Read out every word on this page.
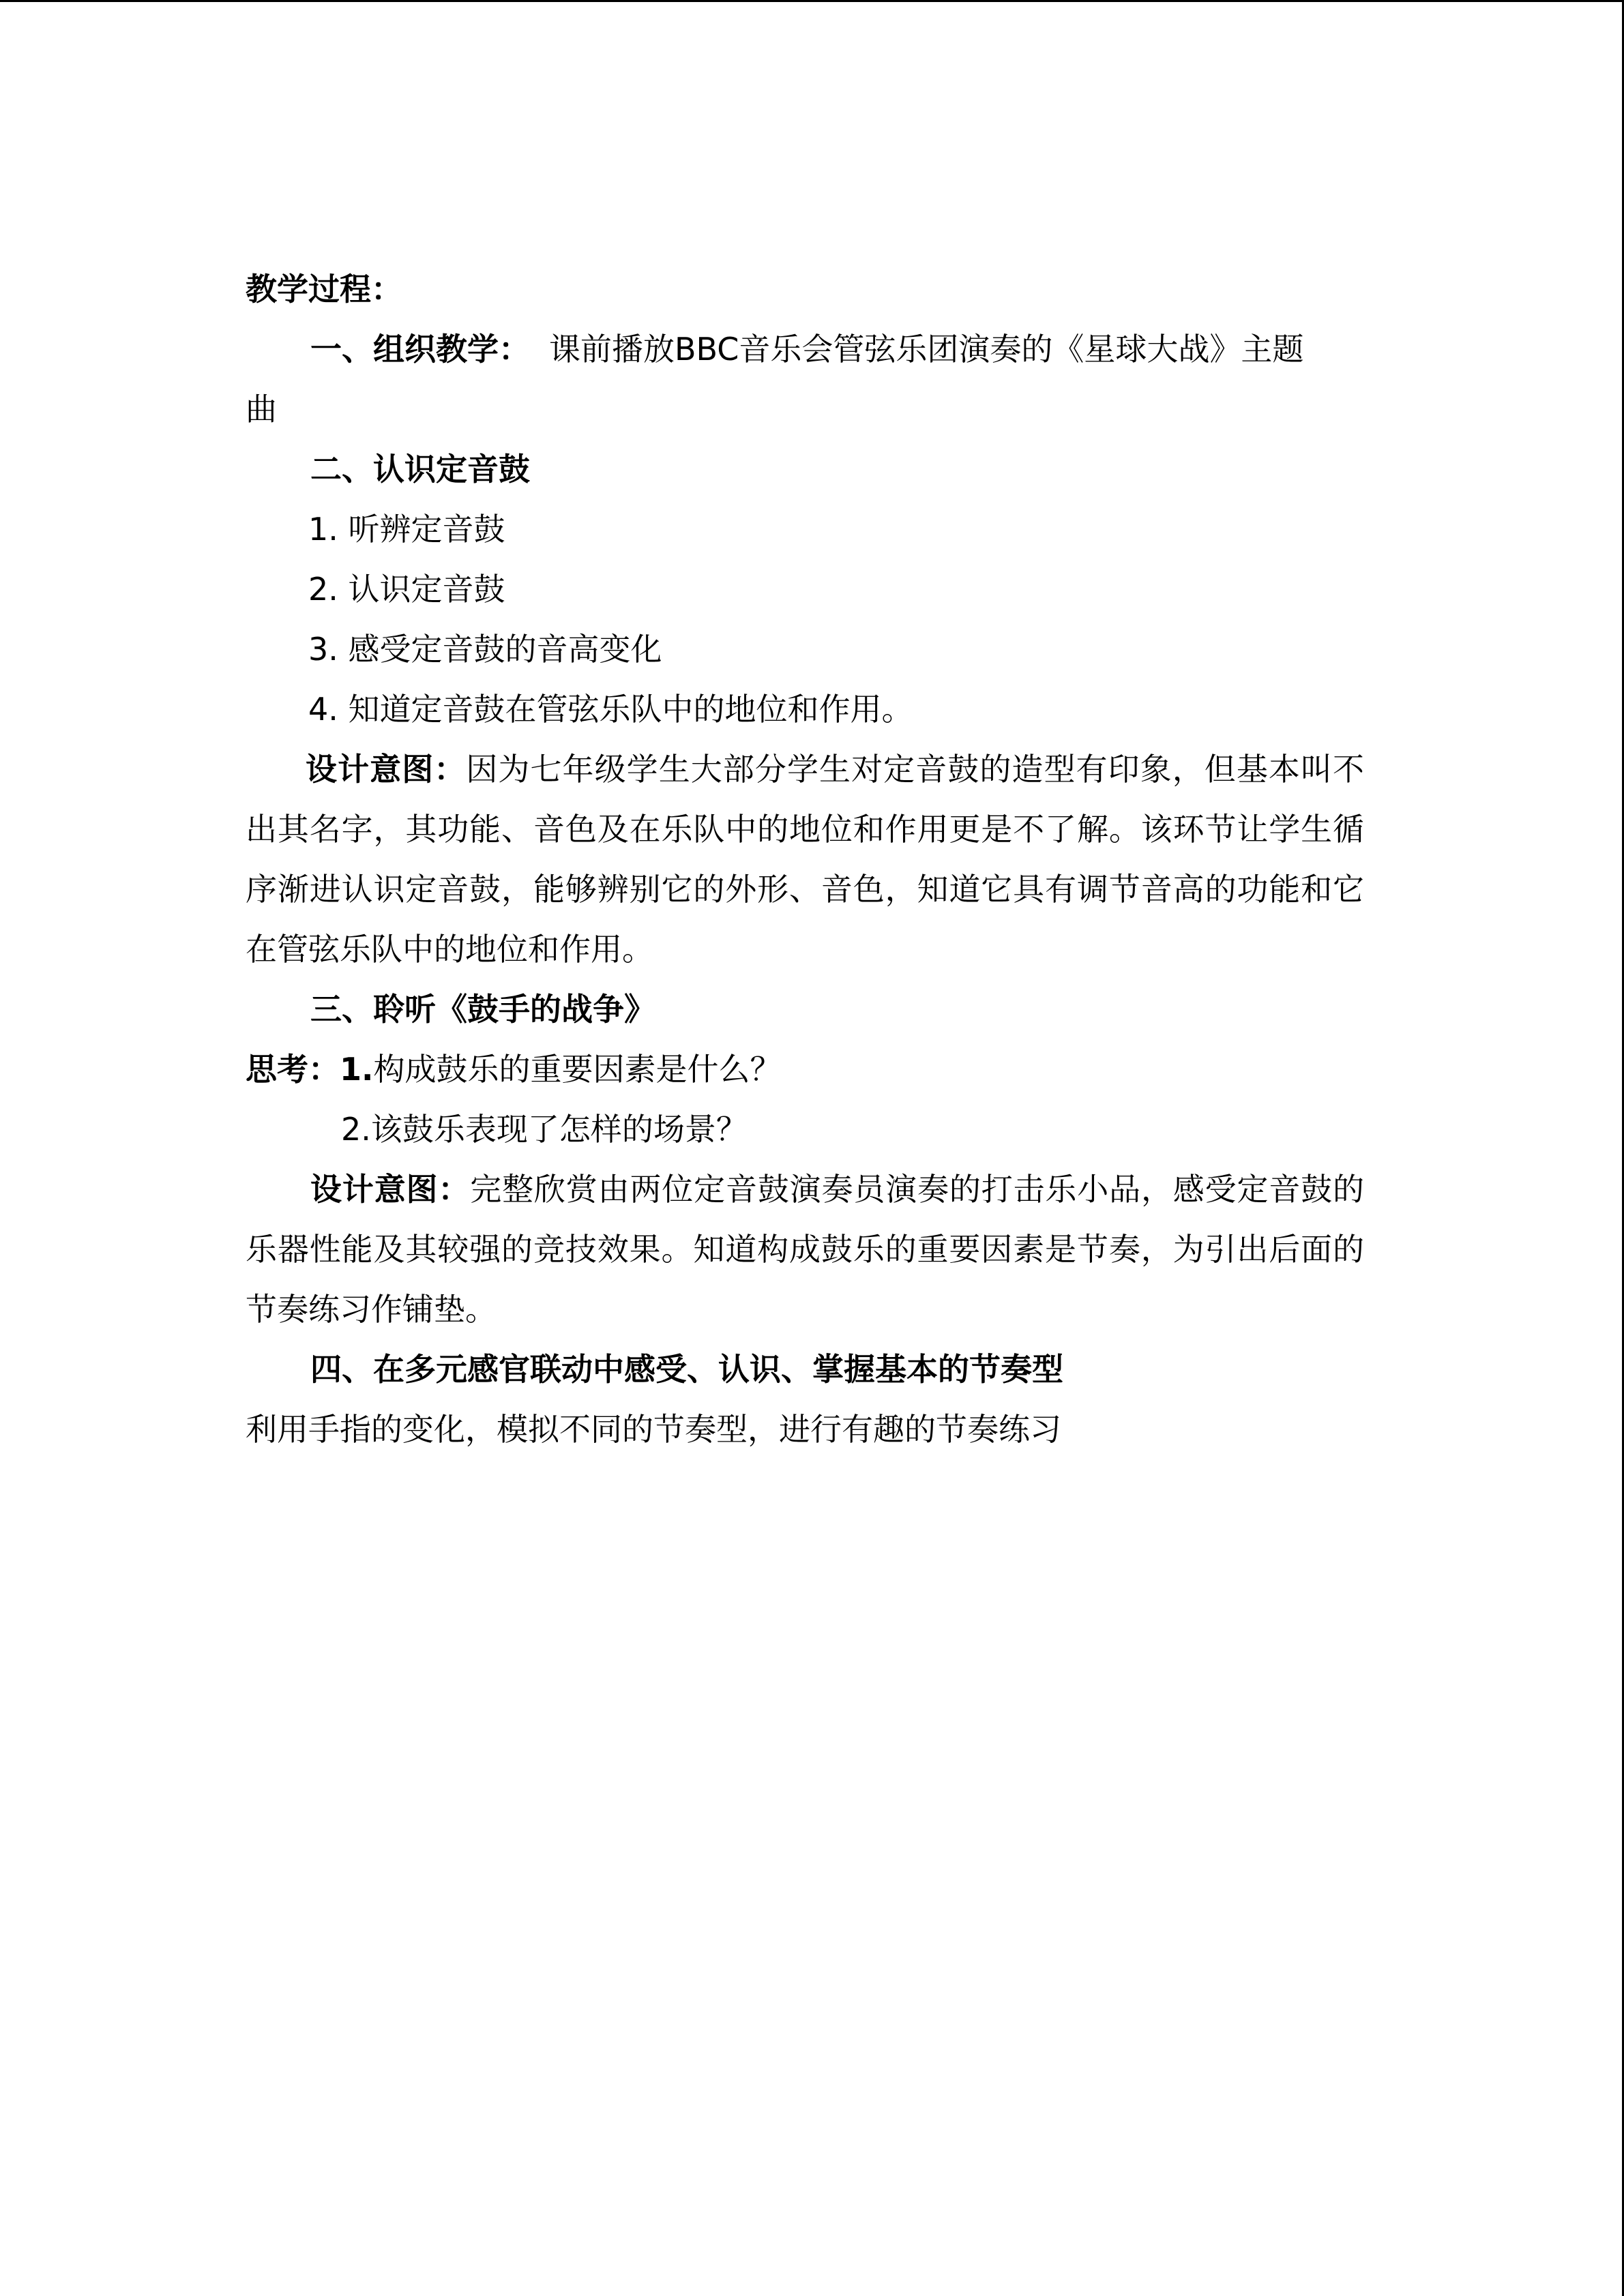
教学过程：

一、组织教学： 课前播放BBC音乐会管弦乐团演奏的《星球大战》主题

曲

二、认识定音鼓

1. 听辨定音鼓

2. 认识定音鼓

3. 感受定音鼓的音高变化

4. 知道定音鼓在管弦乐队中的地位和作用。

设计意图：因为七年级学生大部分学生对定音鼓的造型有印象，但基本叫不出其名字，其功能、音色及在乐队中的地位和作用更是不了解。该环节让学生循序渐进认识定音鼓，能够辨别它的外形、音色，知道它具有调节音高的功能和它在管弦乐队中的地位和作用。

三、聆听《鼓手的战争》

思考：1.构成鼓乐的重要因素是什么？

2.该鼓乐表现了怎样的场景？

设计意图：完整欣赏由两位定音鼓演奏员演奏的打击乐小品，感受定音鼓的乐器性能及其较强的竞技效果。知道构成鼓乐的重要因素是节奏，为引出后面的节奏练习作铺垫。

四、在多元感官联动中感受、认识、掌握基本的节奏型

利用手指的变化，模拟不同的节奏型，进行有趣的节奏练习
